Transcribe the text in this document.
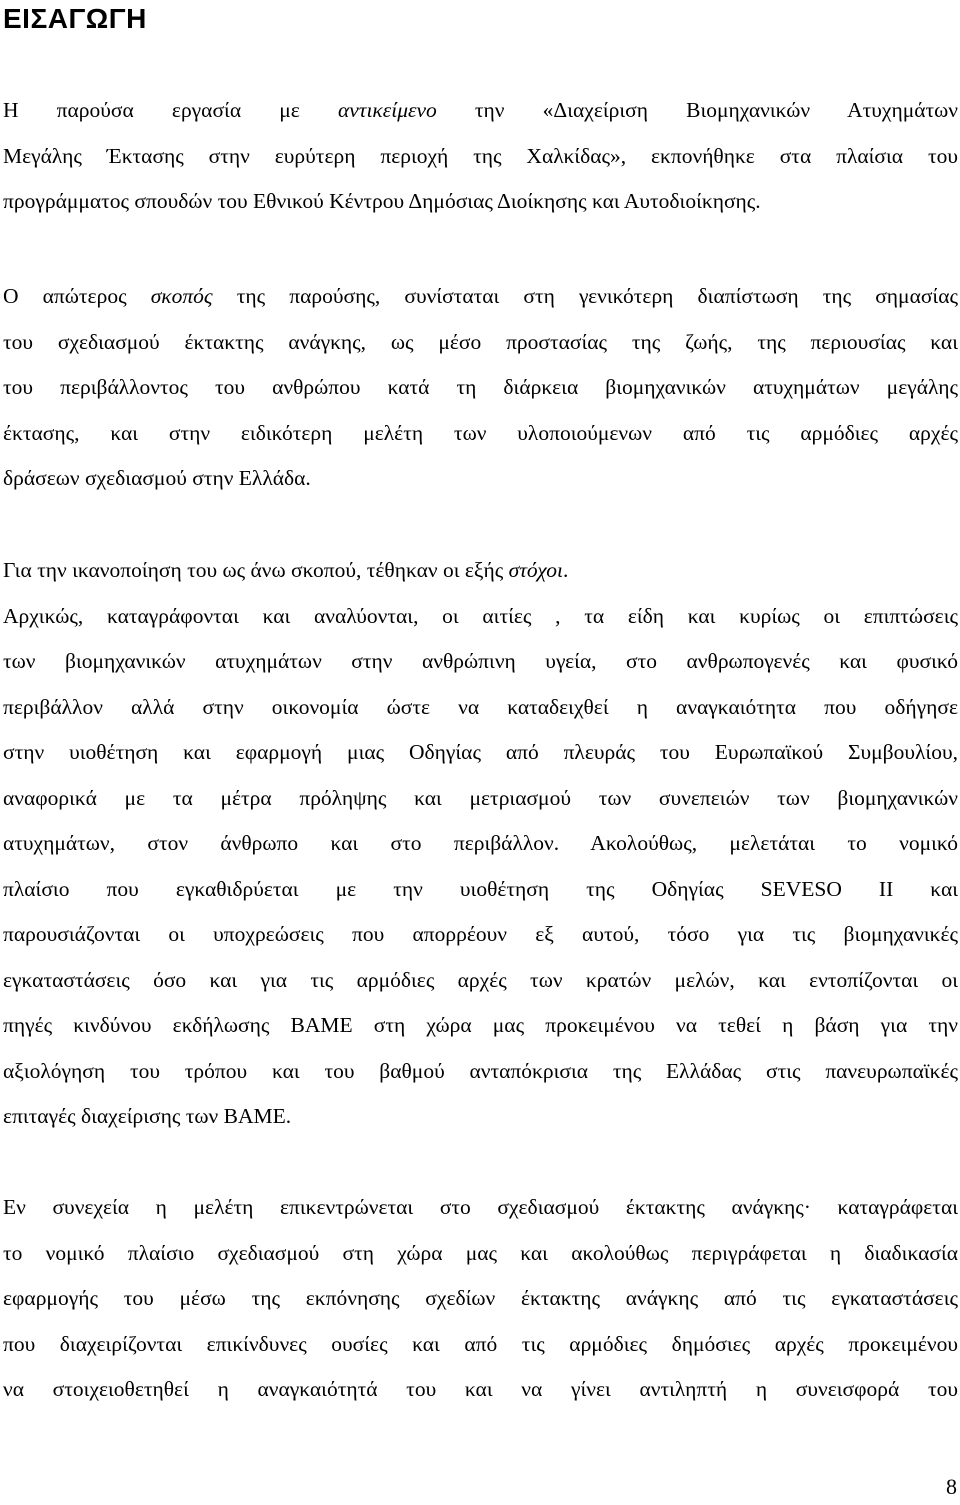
ΕΙΣΑΓΩΓΗ

Η παρούσα εργασία με αντικείμενο την «Διαχείριση Βιομηχανικών Ατυχημάτων
Μεγάλης Έκτασης στην ευρύτερη περιοχή της Χαλκίδας», εκπονήθηκε στα πλαίσια του
προγράμματος σπουδών του Εθνικού Κέντρου Δημόσιας Διοίκησης και Αυτοδιοίκησης.

Ο απώτερος σκοπός της παρούσης, συνίσταται στη γενικότερη διαπίστωση της σημασίας
του σχεδιασμού έκτακτης ανάγκης, ως μέσο προστασίας της ζωής, της περιουσίας και
του περιβάλλοντος του ανθρώπου κατά τη διάρκεια βιομηχανικών ατυχημάτων μεγάλης
έκτασης, και στην ειδικότερη μελέτη των υλοποιούμενων από τις αρμόδιες αρχές
δράσεων σχεδιασμού στην Ελλάδα.

Για την ικανοποίηση του ως άνω σκοπού, τέθηκαν οι εξής στόχοι.
Αρχικώς, καταγράφονται και αναλύονται, οι αιτίες , τα είδη και κυρίως οι επιπτώσεις
των βιομηχανικών ατυχημάτων στην ανθρώπινη υγεία, στο ανθρωπογενές και φυσικό
περιβάλλον αλλά στην οικονομία ώστε να καταδειχθεί η αναγκαιότητα που οδήγησε
στην υιοθέτηση και εφαρμογή μιας Οδηγίας από πλευράς του Ευρωπαϊκού Συμβουλίου,
αναφορικά με τα μέτρα πρόληψης και μετριασμού των συνεπειών των βιομηχανικών
ατυχημάτων, στον άνθρωπο και στο περιβάλλον. Ακολούθως, μελετάται το νομικό
πλαίσιο που εγκαθιδρύεται με την υιοθέτηση της Οδηγίας SEVESO ΙΙ και
παρουσιάζονται οι υποχρεώσεις που απορρέουν εξ αυτού, τόσο για τις βιομηχανικές
εγκαταστάσεις όσο και για τις αρμόδιες αρχές των κρατών μελών, και εντοπίζονται οι
πηγές κινδύνου εκδήλωσης ΒΑΜΕ στη χώρα μας προκειμένου να τεθεί η βάση για την
αξιολόγηση του τρόπου και του βαθμού ανταπόκρισια της Ελλάδας στις πανευρωπαϊκές
επιταγές διαχείρισης των ΒΑΜΕ.

Εν συνεχεία η μελέτη επικεντρώνεται στο σχεδιασμού έκτακτης ανάγκης· καταγράφεται
το νομικό πλαίσιο σχεδιασμού στη χώρα μας και ακολούθως περιγράφεται η διαδικασία
εφαρμογής του μέσω της εκπόνησης σχεδίων έκτακτης ανάγκης από τις εγκαταστάσεις
που διαχειρίζονται επικίνδυνες ουσίες και από τις αρμόδιες δημόσιες αρχές προκειμένου
να στοιχειοθετηθεί η αναγκαιότητά του και να γίνει αντιληπτή η συνεισφορά του

8
